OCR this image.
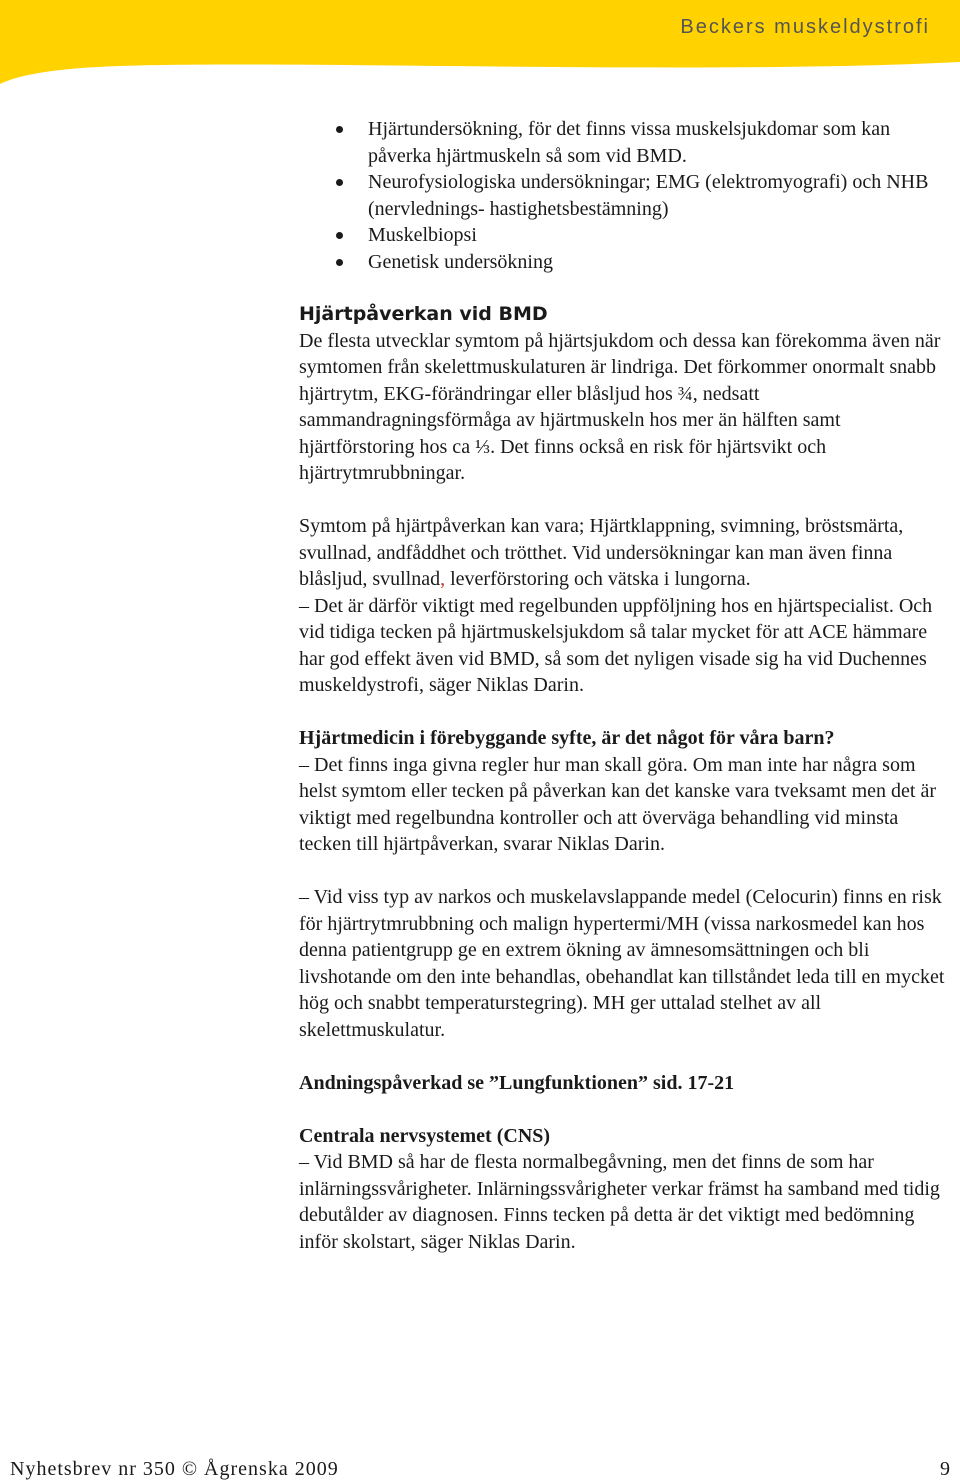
Beckers muskeldystrofi
Hjärtundersökning, för det finns vissa muskelsjukdomar som kan påverka hjärtmuskeln så som vid BMD.
Neurofysiologiska undersökningar; EMG (elektromyografi) och NHB (nervlednings- hastighetsbestämning)
Muskelbiopsi
Genetisk undersökning

Hjärtpåverkan vid BMD
De flesta utvecklar symtom på hjärtsjukdom och dessa kan förekomma även när symtomen från skelettmuskulaturen är lindriga. Det förkommer onormalt snabb hjärtrytm, EKG-förändringar eller blåsljud hos ¾, nedsatt sammandragningsförmåga av hjärtmuskeln hos mer än hälften samt hjärtförstoring hos ca ⅓. Det finns också en risk för hjärtsvikt och hjärtrytmrubbningar.

Symtom på hjärtpåverkan kan vara; Hjärtklappning, svimning, bröstsmärta, svullnad, andfåddhet och trötthet. Vid undersökningar kan man även finna blåsljud, svullnad, leverförstoring och vätska i lungorna.

– Det är därför viktigt med regelbunden uppföljning hos en hjärtspecialist. Och vid tidiga tecken på hjärtmuskelsjukdom så talar mycket för att ACE hämmare har god effekt även vid BMD, så som det nyligen visade sig ha vid Duchennes muskeldystrofi, säger Niklas Darin.

Hjärtmedicin i förebyggande syfte, är det något för våra barn?
– Det finns inga givna regler hur man skall göra. Om man inte har några som helst symtom eller tecken på påverkan kan det kanske vara tveksamt men det är viktigt med regelbundna kontroller och att överväga behandling vid minsta tecken till hjärtpåverkan, svarar Niklas Darin.

– Vid viss typ av narkos och muskelavslappande medel (Celocurin) finns en risk för hjärtrytmrubbning och malign hypertermi/MH (vissa narkosmedel kan hos denna patientgrupp ge en extrem ökning av ämnesomsättningen och bli livshotande om den inte behandlas, obehandlat kan tillståndet leda till en mycket hög och snabbt temperaturstegring). MH ger uttalad stelhet av all skelettmuskulatur.

Andningspåverkad se ”Lungfunktionen” sid. 17-21

Centrala nervsystemet (CNS)
– Vid BMD så har de flesta normalbegåvning, men det finns de som har inlärningssvårigheter. Inlärningssvårigheter verkar främst ha samband med tidig debutålder av diagnosen. Finns tecken på detta är det viktigt med bedömning inför skolstart, säger Niklas Darin.

Nyhetsbrev nr 350 © Ågrenska 2009	9
